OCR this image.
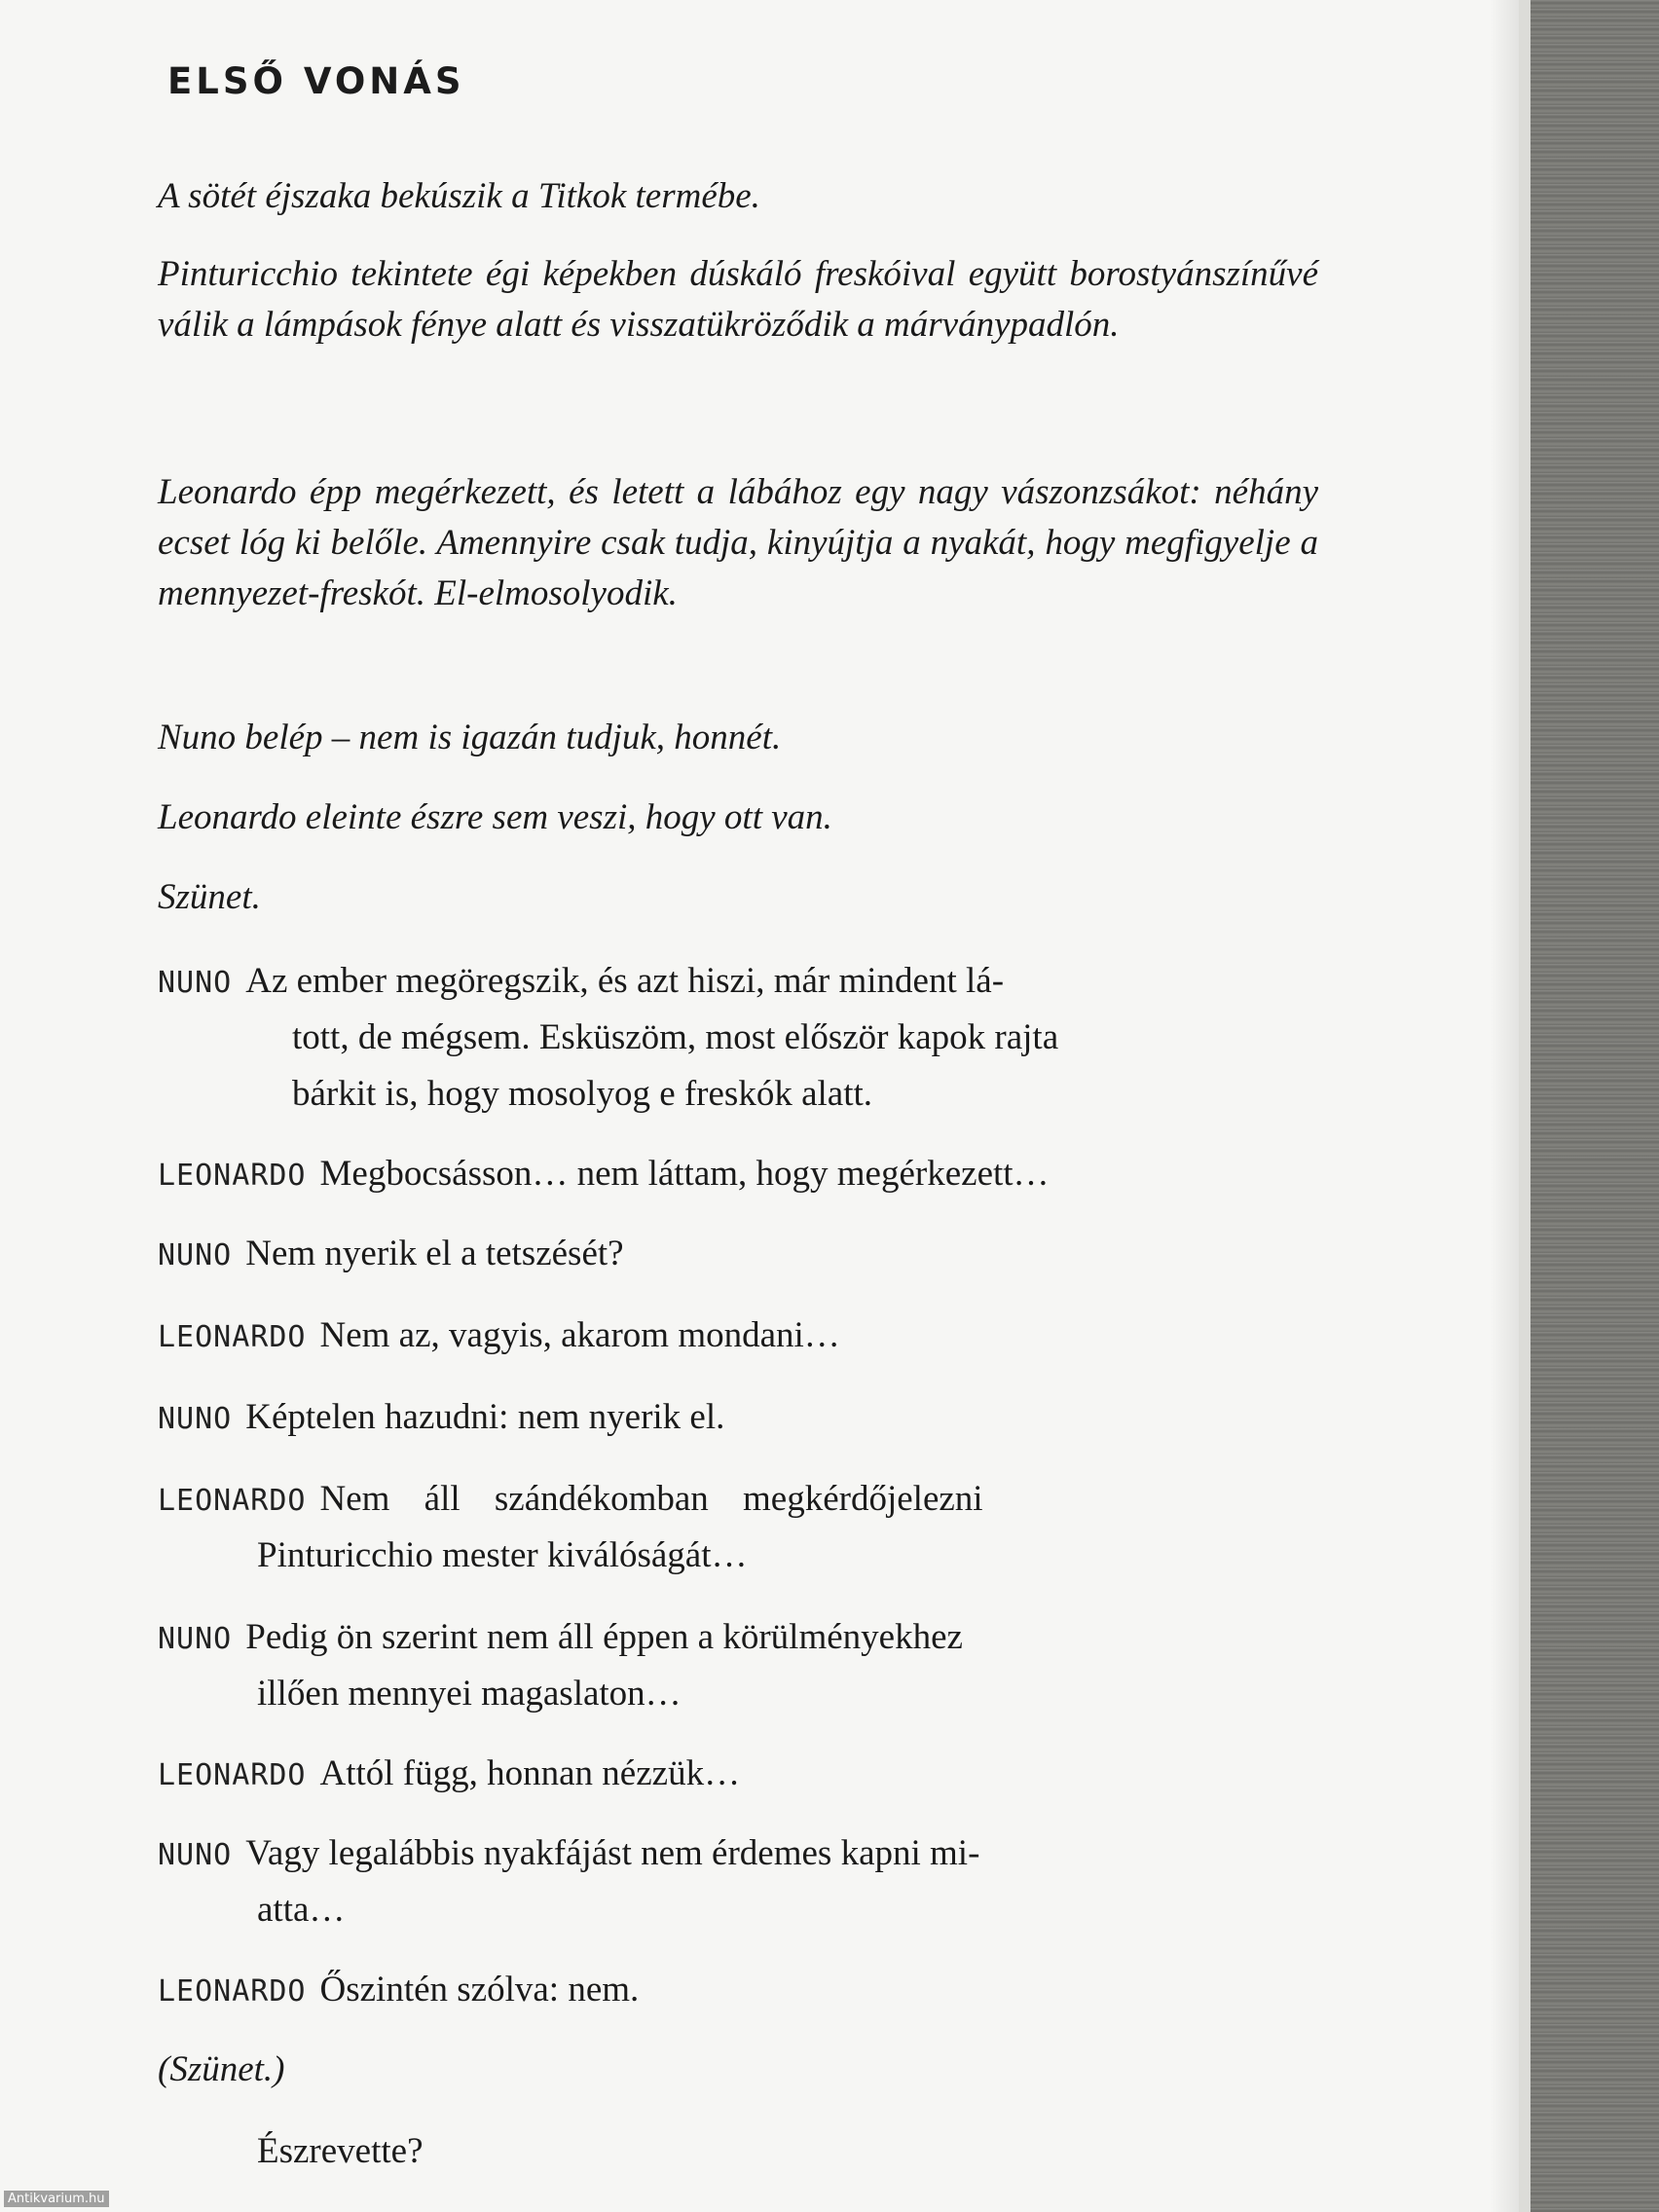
ELSŐ VONÁS

A sötét éjszaka bekúszik a Titkok termébe.

Pinturicchio tekintete égi képekben dúskáló freskóival együtt borostyánszínűvé válik a lámpások fénye alatt és visszatükröződik a márványpadlón.

Leonardo épp megérkezett, és letett a lábához egy nagy vászonzsákot: néhány ecset lóg ki belőle. Amennyire csak tudja, kinyújtja a nyakát, hogy megfigyelje a mennyezet-freskót. El-elmosolyodik.

Nuno belép – nem is igazán tudjuk, honnét.

Leonardo eleinte észre sem veszi, hogy ott van.

Szünet.

NUNO Az ember megöregszik, és azt hiszi, már mindent lá-

tott, de mégsem. Esküszöm, most először kapok rajta

bárkit is, hogy mosolyog e freskók alatt.

LEONARDO Megbocsásson… nem láttam, hogy megérkezett…

NUNO Nem nyerik el a tetszését?

LEONARDO Nem az, vagyis, akarom mondani…

NUNO Képtelen hazudni: nem nyerik el.

LEONARDO Nem áll szándékomban megkérdőjelezni

Pinturicchio mester kiválóságát…

NUNO Pedig ön szerint nem áll éppen a körülményekhez

illően mennyei magaslaton…

LEONARDO Attól függ, honnan nézzük…

NUNO Vagy legalábbis nyakfájást nem érdemes kapni mi-

atta…

LEONARDO Őszintén szólva: nem.

(Szünet.)

Észrevette?

Antikvarium.hu
